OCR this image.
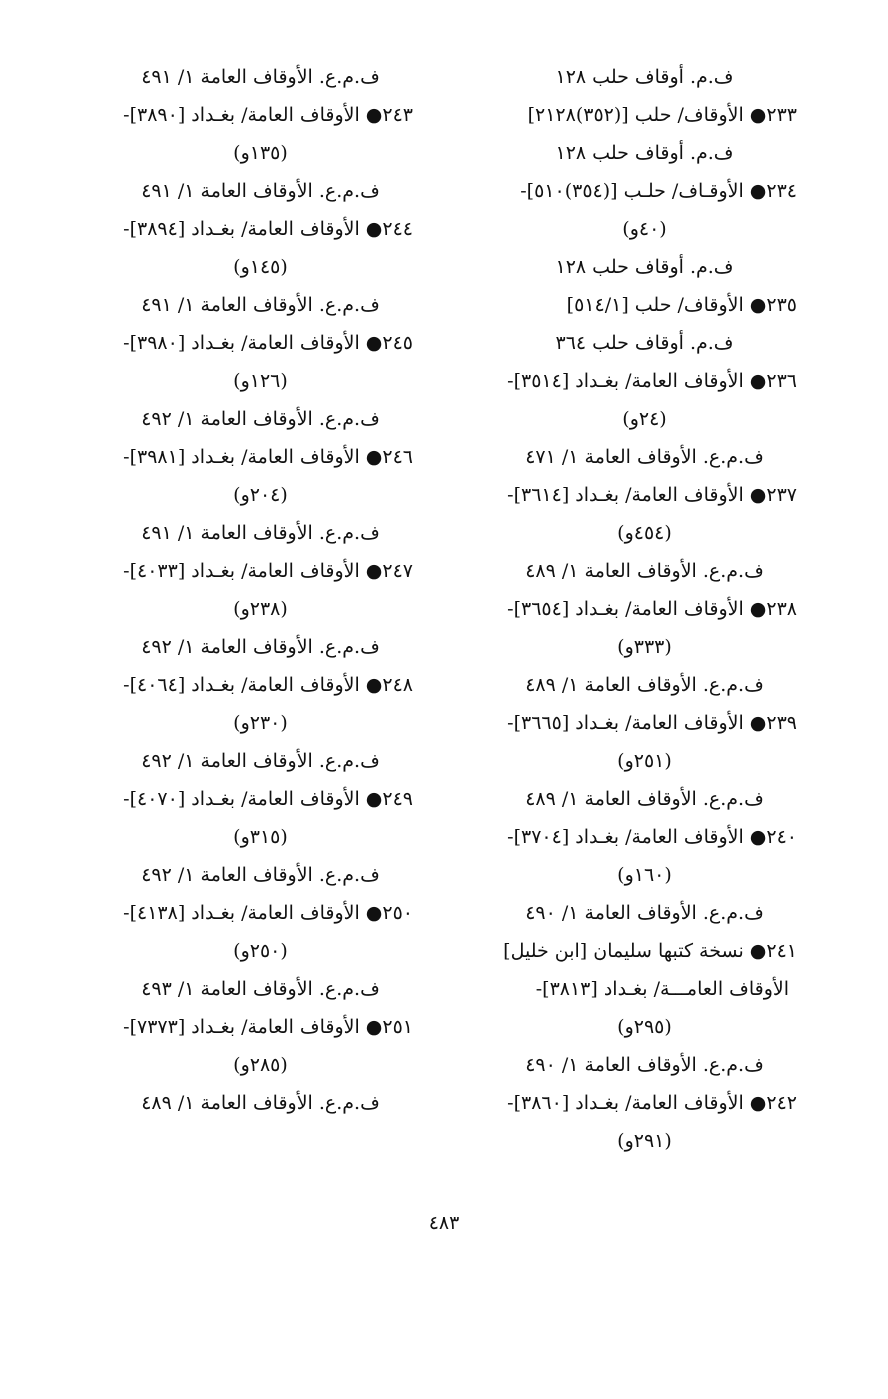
ف.م. أوقاف حلب ١٢٨
٢٣٣● الأوقاف/ حلب [(٣٥٢)٢١٢٨]
ف.م. أوقاف حلب ١٢٨
٢٣٤● الأوقـاف/ حلـب [(٣٥٤)٥١٠]-
(٤٠و)
ف.م. أوقاف حلب ١٢٨
٢٣٥● الأوقاف/ حلب [٥١٤/١]
ف.م. أوقاف حلب ٣٦٤
٢٣٦● الأوقاف العامة/ بغـداد [٣٥١٤]-
(٢٤و)
ف.م.ع. الأوقاف العامة ١/ ٤٧١
٢٣٧● الأوقاف العامة/ بغـداد [٣٦١٤]-
(٤٥٤و)
ف.م.ع. الأوقاف العامة ١/ ٤٨٩
٢٣٨● الأوقاف العامة/ بغـداد [٣٦٥٤]-
(٣٣٣و)
ف.م.ع. الأوقاف العامة ١/ ٤٨٩
٢٣٩● الأوقاف العامة/ بغـداد [٣٦٦٥]-
(٢٥١و)
ف.م.ع. الأوقاف العامة ١/ ٤٨٩
٢٤٠● الأوقاف العامة/ بغـداد [٣٧٠٤]-
(١٦٠و)
ف.م.ع. الأوقاف العامة ١/ ٤٩٠
٢٤١● نسخة كتبها سليمان [ابن خليل]
الأوقاف العامـــة/ بغـداد [٣٨١٣]-
(٢٩٥و)
ف.م.ع. الأوقاف العامة ١/ ٤٩٠
٢٤٢● الأوقاف العامة/ بغـداد [٣٨٦٠]-
(٢٩١و)
ف.م.ع. الأوقاف العامة ١/ ٤٩١
٢٤٣● الأوقاف العامة/ بغـداد [٣٨٩٠]-
(١٣٥و)
ف.م.ع. الأوقاف العامة ١/ ٤٩١
٢٤٤● الأوقاف العامة/ بغـداد [٣٨٩٤]-
(١٤٥و)
ف.م.ع. الأوقاف العامة ١/ ٤٩١
٢٤٥● الأوقاف العامة/ بغـداد [٣٩٨٠]-
(١٢٦و)
ف.م.ع. الأوقاف العامة ١/ ٤٩٢
٢٤٦● الأوقاف العامة/ بغـداد [٣٩٨١]-
(٢٠٤و)
ف.م.ع. الأوقاف العامة ١/ ٤٩١
٢٤٧● الأوقاف العامة/ بغـداد [٤٠٣٣]-
(٢٣٨و)
ف.م.ع. الأوقاف العامة ١/ ٤٩٢
٢٤٨● الأوقاف العامة/ بغـداد [٤٠٦٤]-
(٢٣٠و)
ف.م.ع. الأوقاف العامة ١/ ٤٩٢
٢٤٩● الأوقاف العامة/ بغـداد [٤٠٧٠]-
(٣١٥و)
ف.م.ع. الأوقاف العامة ١/ ٤٩٢
٢٥٠● الأوقاف العامة/ بغـداد [٤١٣٨]-
(٢٥٠و)
ف.م.ع. الأوقاف العامة ١/ ٤٩٣
٢٥١● الأوقاف العامة/ بغـداد [٧٣٧٣]-
(٢٨٥و)
ف.م.ع. الأوقاف العامة ١/ ٤٨٩
٤٨٣
